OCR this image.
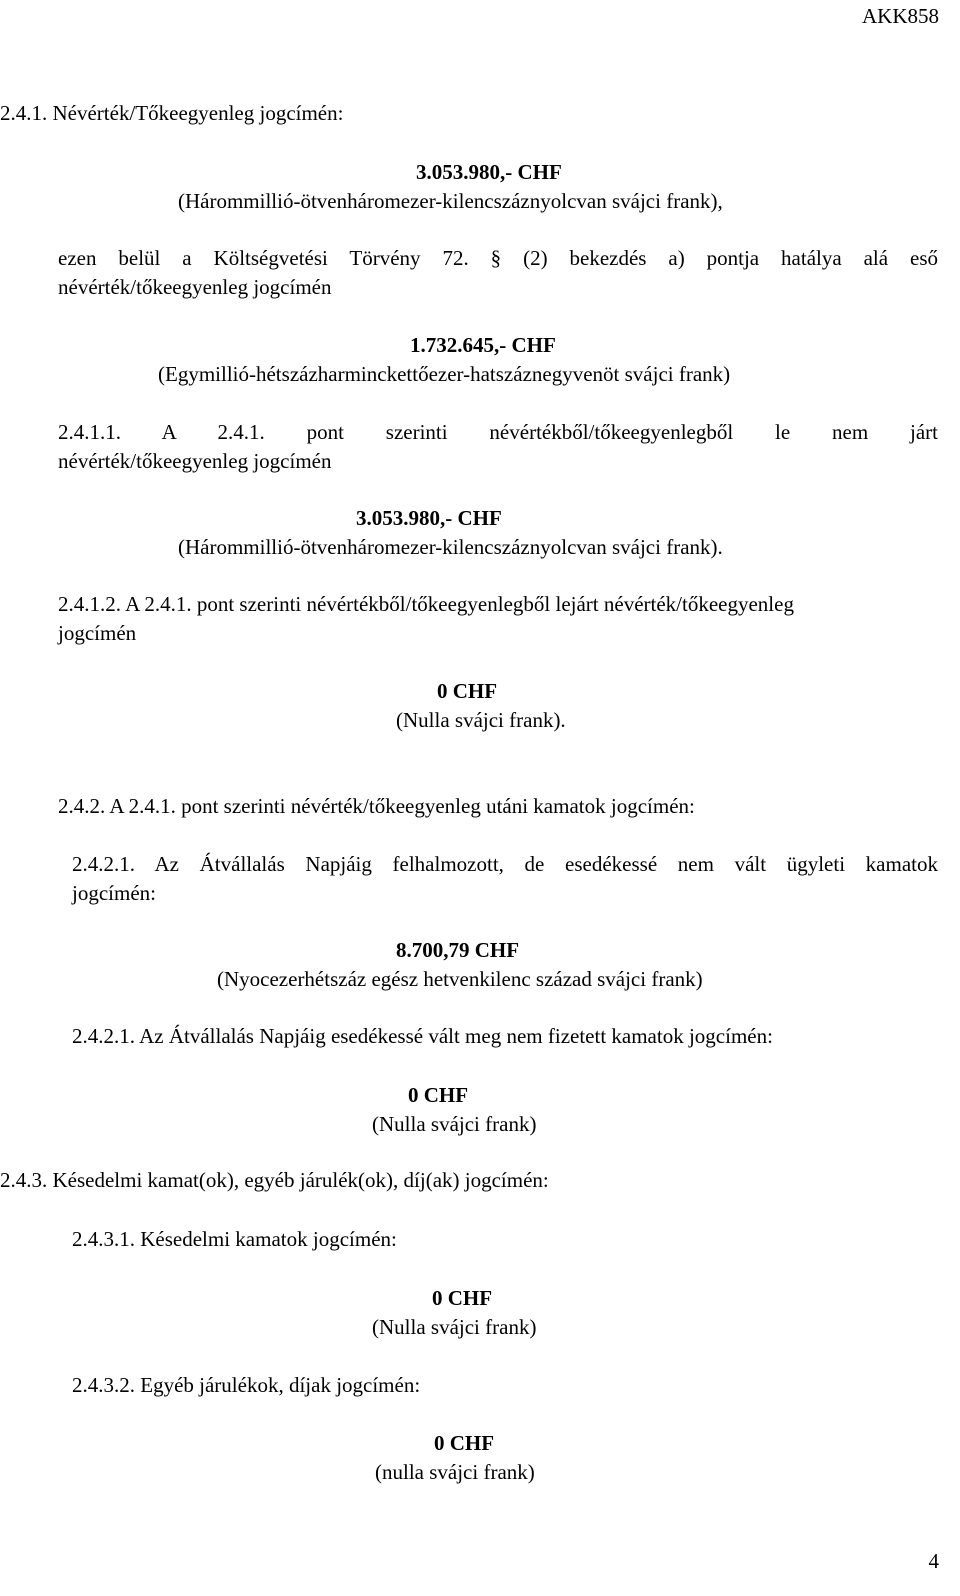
AKK858
2.4.1. Névérték/Tőkeegyenleg jogcímén:
3.053.980,- CHF
(Hárommillió-ötvenháromezer-kilencszáznyolcvan svájci frank),
ezen belül a Költségvetési Törvény 72. § (2) bekezdés a) pontja hatálya alá eső
névérték/tőkeegyenleg jogcímén
1.732.645,- CHF
(Egymillió-hétszázharminckettőezer-hatszáznegyvenöt svájci frank)
2.4.1.1. A 2.4.1. pont szerinti névértékből/tőkeegyenlegből le nem járt
névérték/tőkeegyenleg jogcímén
3.053.980,- CHF
(Hárommillió-ötvenháromezer-kilencszáznyolcvan svájci frank).
2.4.1.2. A 2.4.1. pont szerinti névértékből/tőkeegyenlegből lejárt névérték/tőkeegyenleg
jogcímén
0 CHF
(Nulla svájci frank).
2.4.2. A 2.4.1. pont szerinti névérték/tőkeegyenleg utáni kamatok jogcímén:
2.4.2.1. Az Átvállalás Napjáig felhalmozott, de esedékessé nem vált ügyleti kamatok
jogcímén:
8.700,79 CHF
(Nyocezerhétszáz egész hetvenkilenc század svájci frank)
2.4.2.1. Az Átvállalás Napjáig esedékessé vált meg nem fizetett kamatok jogcímén:
0 CHF
(Nulla svájci frank)
2.4.3. Késedelmi kamat(ok), egyéb járulék(ok), díj(ak) jogcímén:
2.4.3.1. Késedelmi kamatok jogcímén:
0 CHF
(Nulla svájci frank)
2.4.3.2. Egyéb járulékok, díjak jogcímén:
0 CHF
(nulla svájci frank)
4
